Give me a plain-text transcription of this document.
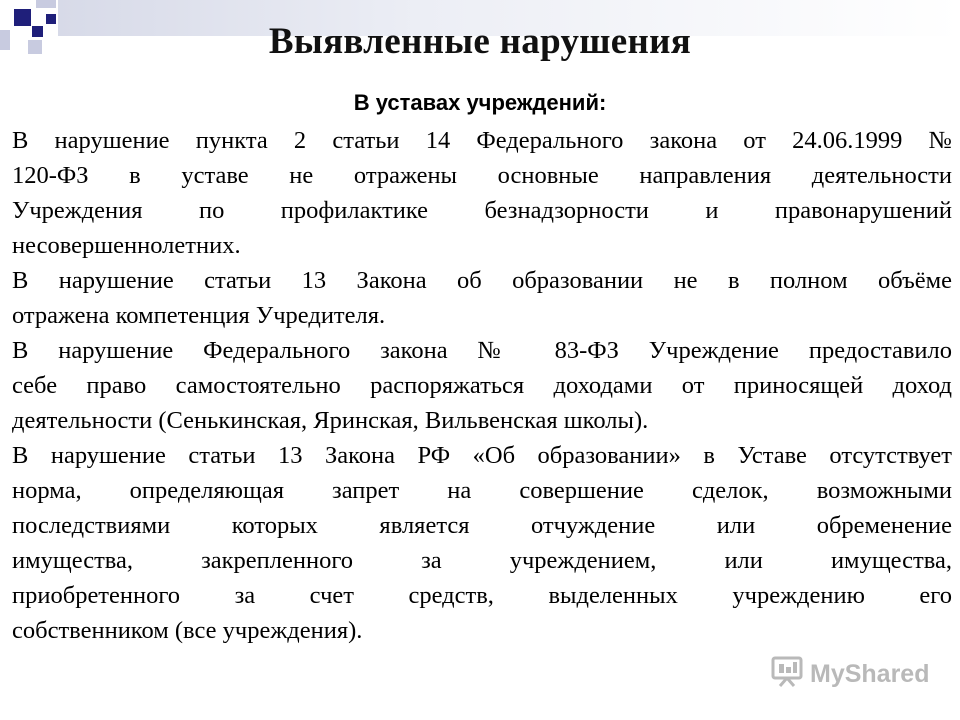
Выявленные нарушения
В уставах учреждений:
В нарушение пункта 2 статьи 14 Федерального закона от 24.06.1999 №
120-ФЗ в уставе не отражены основные направления деятельности
Учреждения по профилактике безнадзорности и правонарушений
несовершеннолетних.
В нарушение статьи 13 Закона об образовании не в полном объёме
отражена компетенция Учредителя.
В нарушение Федерального закона № 83-ФЗ Учреждение предоставило
себе право самостоятельно распоряжаться доходами от приносящей доход
деятельности (Сенькинская, Яринская, Вильвенская школы).
В нарушение статьи 13 Закона РФ «Об образовании» в Уставе отсутствует
норма, определяющая запрет на совершение сделок, возможными
последствиями которых является отчуждение или обременение
имущества, закрепленного за учреждением, или имущества,
приобретенного за счет средств, выделенных учреждению его
собственником (все учреждения).
MyShared
